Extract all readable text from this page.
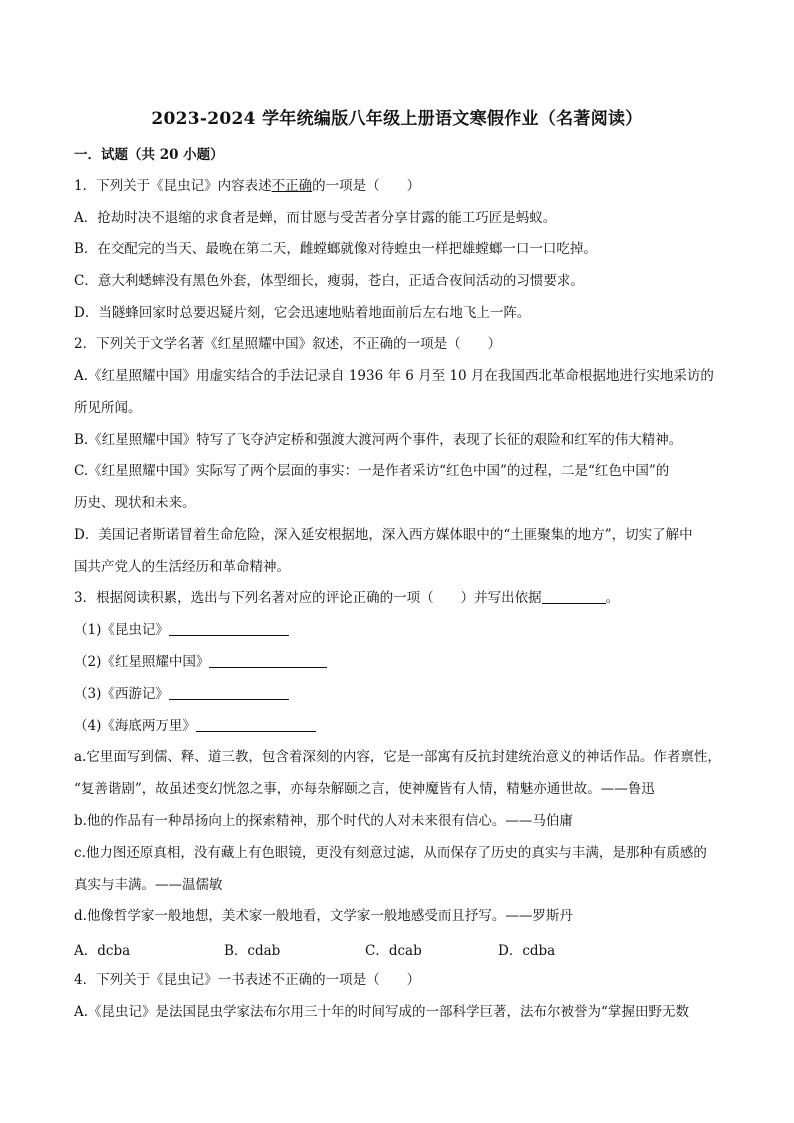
2023-2024 学年统编版八年级上册语文寒假作业（名著阅读）
一．试题（共 20 小题）
1．下列关于《昆虫记》内容表述不正确的一项是（　　）
A．抢劫时决不退缩的求食者是蝉，而甘愿与受苦者分享甘露的能工巧匠是蚂蚁。
B．在交配完的当天、最晚在第二天，雌螳螂就像对待蝗虫一样把雄螳螂一口一口吃掉。
C．意大利蟋蟀没有黑色外套，体型细长，瘦弱，苍白，正适合夜间活动的习惯要求。
D．当隧蜂回家时总要迟疑片刻，它会迅速地贴着地面前后左右地飞上一阵。
2．下列关于文学名著《红星照耀中国》叙述，不正确的一项是（　　）
A.《红星照耀中国》用虚实结合的手法记录自 1936 年 6 月至 10 月在我国西北革命根据地进行实地采访的
所见所闻。
B.《红星照耀中国》特写了飞夺泸定桥和强渡大渡河两个事件，表现了长征的艰险和红军的伟大精神。
C.《红星照耀中国》实际写了两个层面的事实：一是作者采访“红色中国”的过程，二是“红色中国”的
历史、现状和未来。
D．美国记者斯诺冒着生命危险，深入延安根据地，深入西方媒体眼中的“土匪聚集的地方”，切实了解中
国共产党人的生活经历和革命精神。
3．根据阅读积累，选出与下列名著对应的评论正确的一项（　　）并写出依据	。
（1)《昆虫记》
（2)《红星照耀中国》
（3)《西游记》
（4)《海底两万里》
a.它里面写到儒、释、道三教，包含着深刻的内容，它是一部寓有反抗封建统治意义的神话作品。作者禀性，
“复善谐剧”，故虽述变幻恍忽之事，亦每杂解颐之言，使神魔皆有人情，精魅亦通世故。——鲁迅
b.他的作品有一种昂扬向上的探索精神，那个时代的人对未来很有信心。——马伯庸
c.他力图还原真相，没有藏上有色眼镜，更没有刻意过滤，从而保存了历史的真实与丰满，是那种有质感的
真实与丰满。——温儒敏
d.他像哲学家一般地想，美术家一般地看，文学家一般地感受而且抒写。——罗斯丹
A．dcba	B．cdab	C．dcab	D．cdba
4．下列关于《昆虫记》一书表述不正确的一项是（　　）
A.《昆虫记》是法国昆虫学家法布尔用三十年的时间写成的一部科学巨著，法布尔被誉为“掌握田野无数
